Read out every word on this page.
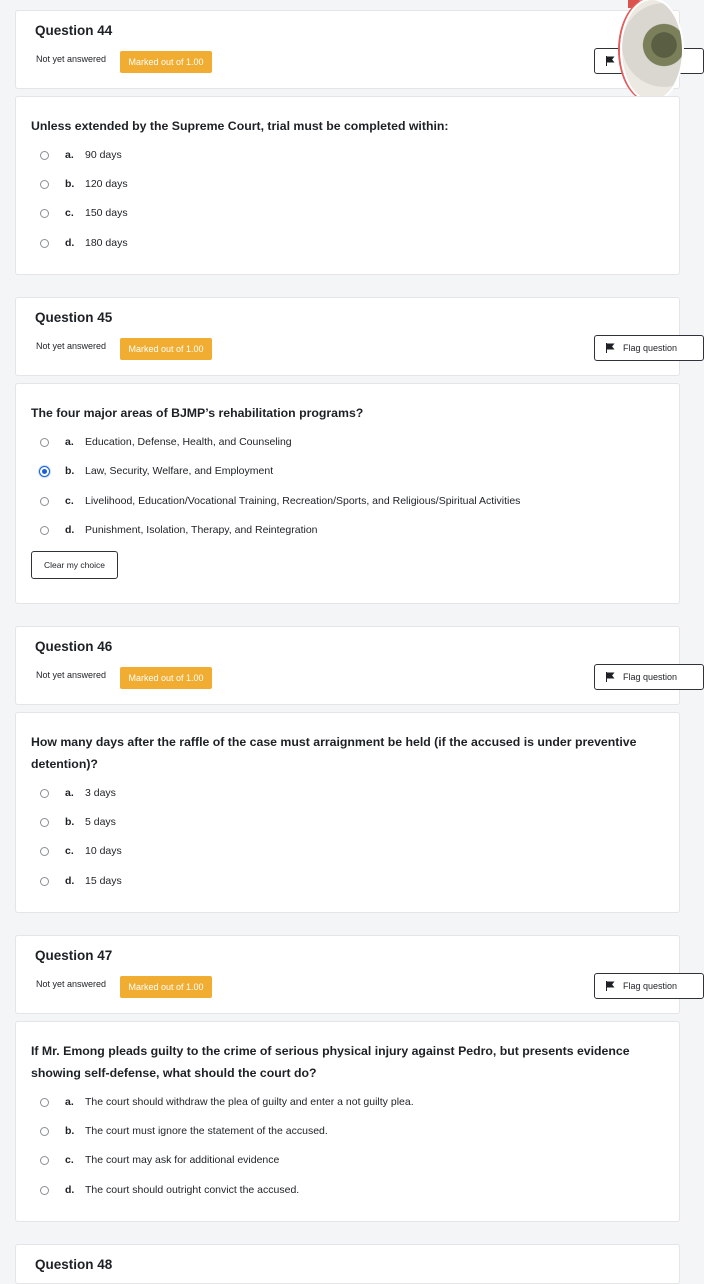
Question 44
Not yet answered	Marked out of 1.00
Unless extended by the Supreme Court, trial must be completed within:
a.	90 days
b.	120 days
c.	150 days
d.	180 days
Question 45
Not yet answered	Marked out of 1.00	Flag question
The four major areas of BJMP’s rehabilitation programs?
a.	Education, Defense, Health, and Counseling
b.	Law, Security, Welfare, and Employment
c.	Livelihood, Education/Vocational Training, Recreation/Sports, and Religious/Spiritual Activities
d.	Punishment, Isolation, Therapy, and Reintegration
Clear my choice
Question 46
Not yet answered	Marked out of 1.00	Flag question
How many days after the raffle of the case must arraignment be held (if the accused is under preventive detention)?
a.	3 days
b.	5 days
c.	10 days
d.	15 days
Question 47
Not yet answered	Marked out of 1.00	Flag question
If Mr. Emong pleads guilty to the crime of serious physical injury against Pedro, but presents evidence showing self-defense, what should the court do?
a.	The court should withdraw the plea of guilty and enter a not guilty plea.
b.	The court must ignore the statement of the accused.
c.	The court may ask for additional evidence
d.	The court should outright convict the accused.
Question 48
